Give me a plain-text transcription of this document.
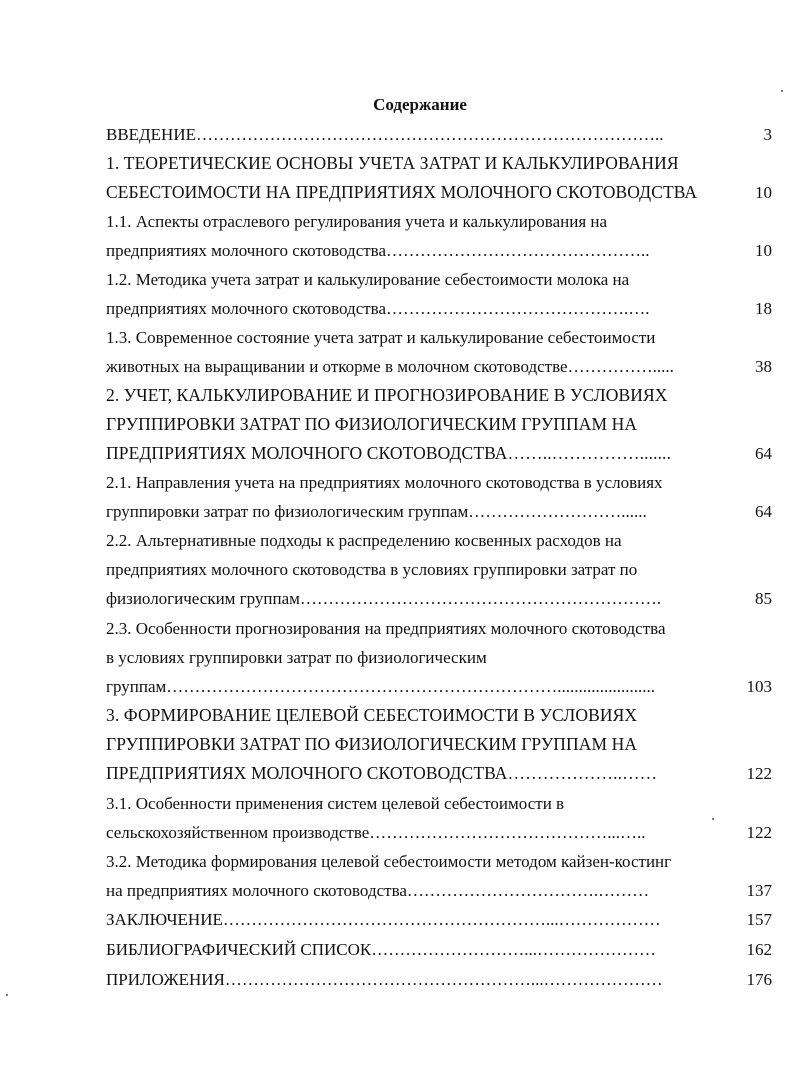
Содержание
ВВЕДЕНИЕ………………………………………………………………………..	3
1. ТЕОРЕТИЧЕСКИЕ ОСНОВЫ УЧЕТА ЗАТРАТ И КАЛЬКУЛИРОВАНИЯ
СЕБЕСТОИМОСТИ НА ПРЕДПРИЯТИЯХ МОЛОЧНОГО СКОТОВОДСТВА	10
1.1. Аспекты отраслевого регулирования учета и калькулирования на
предприятиях молочного скотоводства………………………………………..	10
1.2. Методика учета затрат и калькулирование себестоимости молока на
предприятиях молочного скотоводства…………………………………….….	18
1.3. Современное состояние учета затрат и калькулирование себестоимости
животных на выращивании и откорме в молочном скотоводстве…………….....	38
2. УЧЕТ, КАЛЬКУЛИРОВАНИЕ И ПРОГНОЗИРОВАНИЕ В УСЛОВИЯХ
ГРУППИРОВКИ ЗАТРАТ ПО ФИЗИОЛОГИЧЕСКИМ ГРУППАМ НА
ПРЕДПРИЯТИЯХ МОЛОЧНОГО СКОТОВОДСТВА……..…………….......	64
2.1. Направления учета на предприятиях молочного скотоводства в условиях
группировки затрат по физиологическим группам………………………......	64
2.2. Альтернативные подходы к распределению косвенных расходов на
предприятиях молочного скотоводства в условиях группировки затрат по
физиологическим группам……………………………………………………….	85
2.3. Особенности прогнозирования на предприятиях молочного скотоводства
в условиях группировки затрат по физиологическим
группам…………………………………………………………….......................	103
3. ФОРМИРОВАНИЕ ЦЕЛЕВОЙ СЕБЕСТОИМОСТИ В УСЛОВИЯХ
ГРУППИРОВКИ ЗАТРАТ ПО ФИЗИОЛОГИЧЕСКИМ ГРУППАМ НА
ПРЕДПРИЯТИЯХ МОЛОЧНОГО СКОТОВОДСТВА………………..……	122
3.1. Особенности применения систем целевой себестоимости в
сельскохозяйственном производстве……………………………………...…..	122
3.2. Методика формирования целевой себестоимости методом кайзен-костинг
на предприятиях молочного скотоводства…………………………….………	137
ЗАКЛЮЧЕНИЕ…………………………………………………...………………	157
БИБЛИОГРАФИЧЕСКИЙ СПИСОК………………………...…………………	162
ПРИЛОЖЕНИЯ………………………………………………...…………………	176
